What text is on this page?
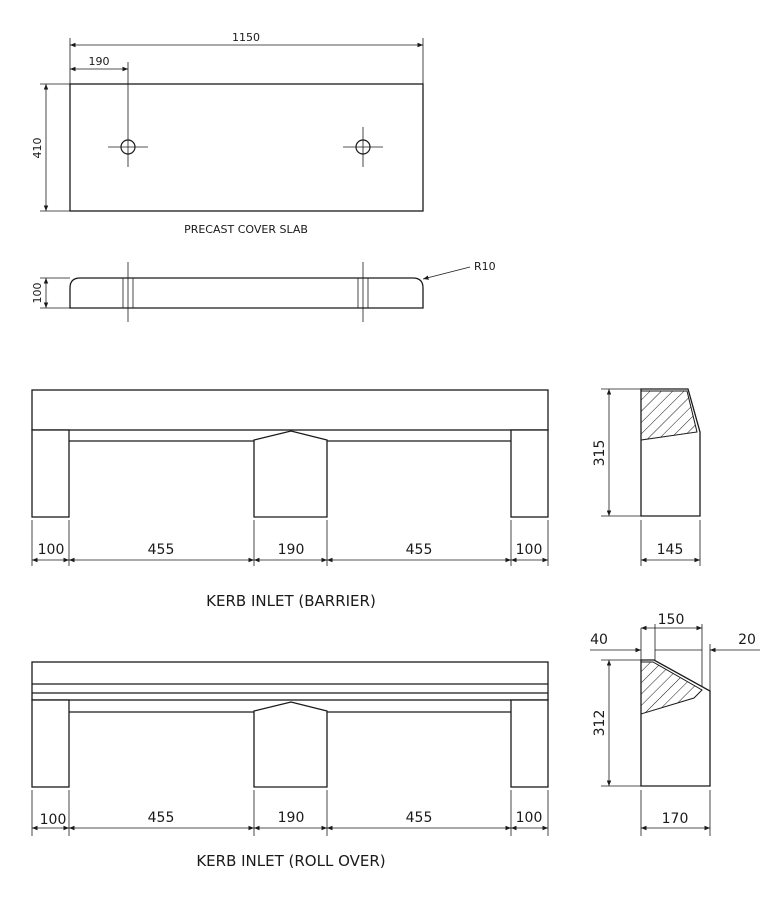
1150
190
410
PRECAST COVER SLAB
100
R10
100	455	190	455	100
KERB INLET (BARRIER)
315
145
100	455	190	455	100
KERB INLET (ROLL OVER)
150
40	20
312
170
